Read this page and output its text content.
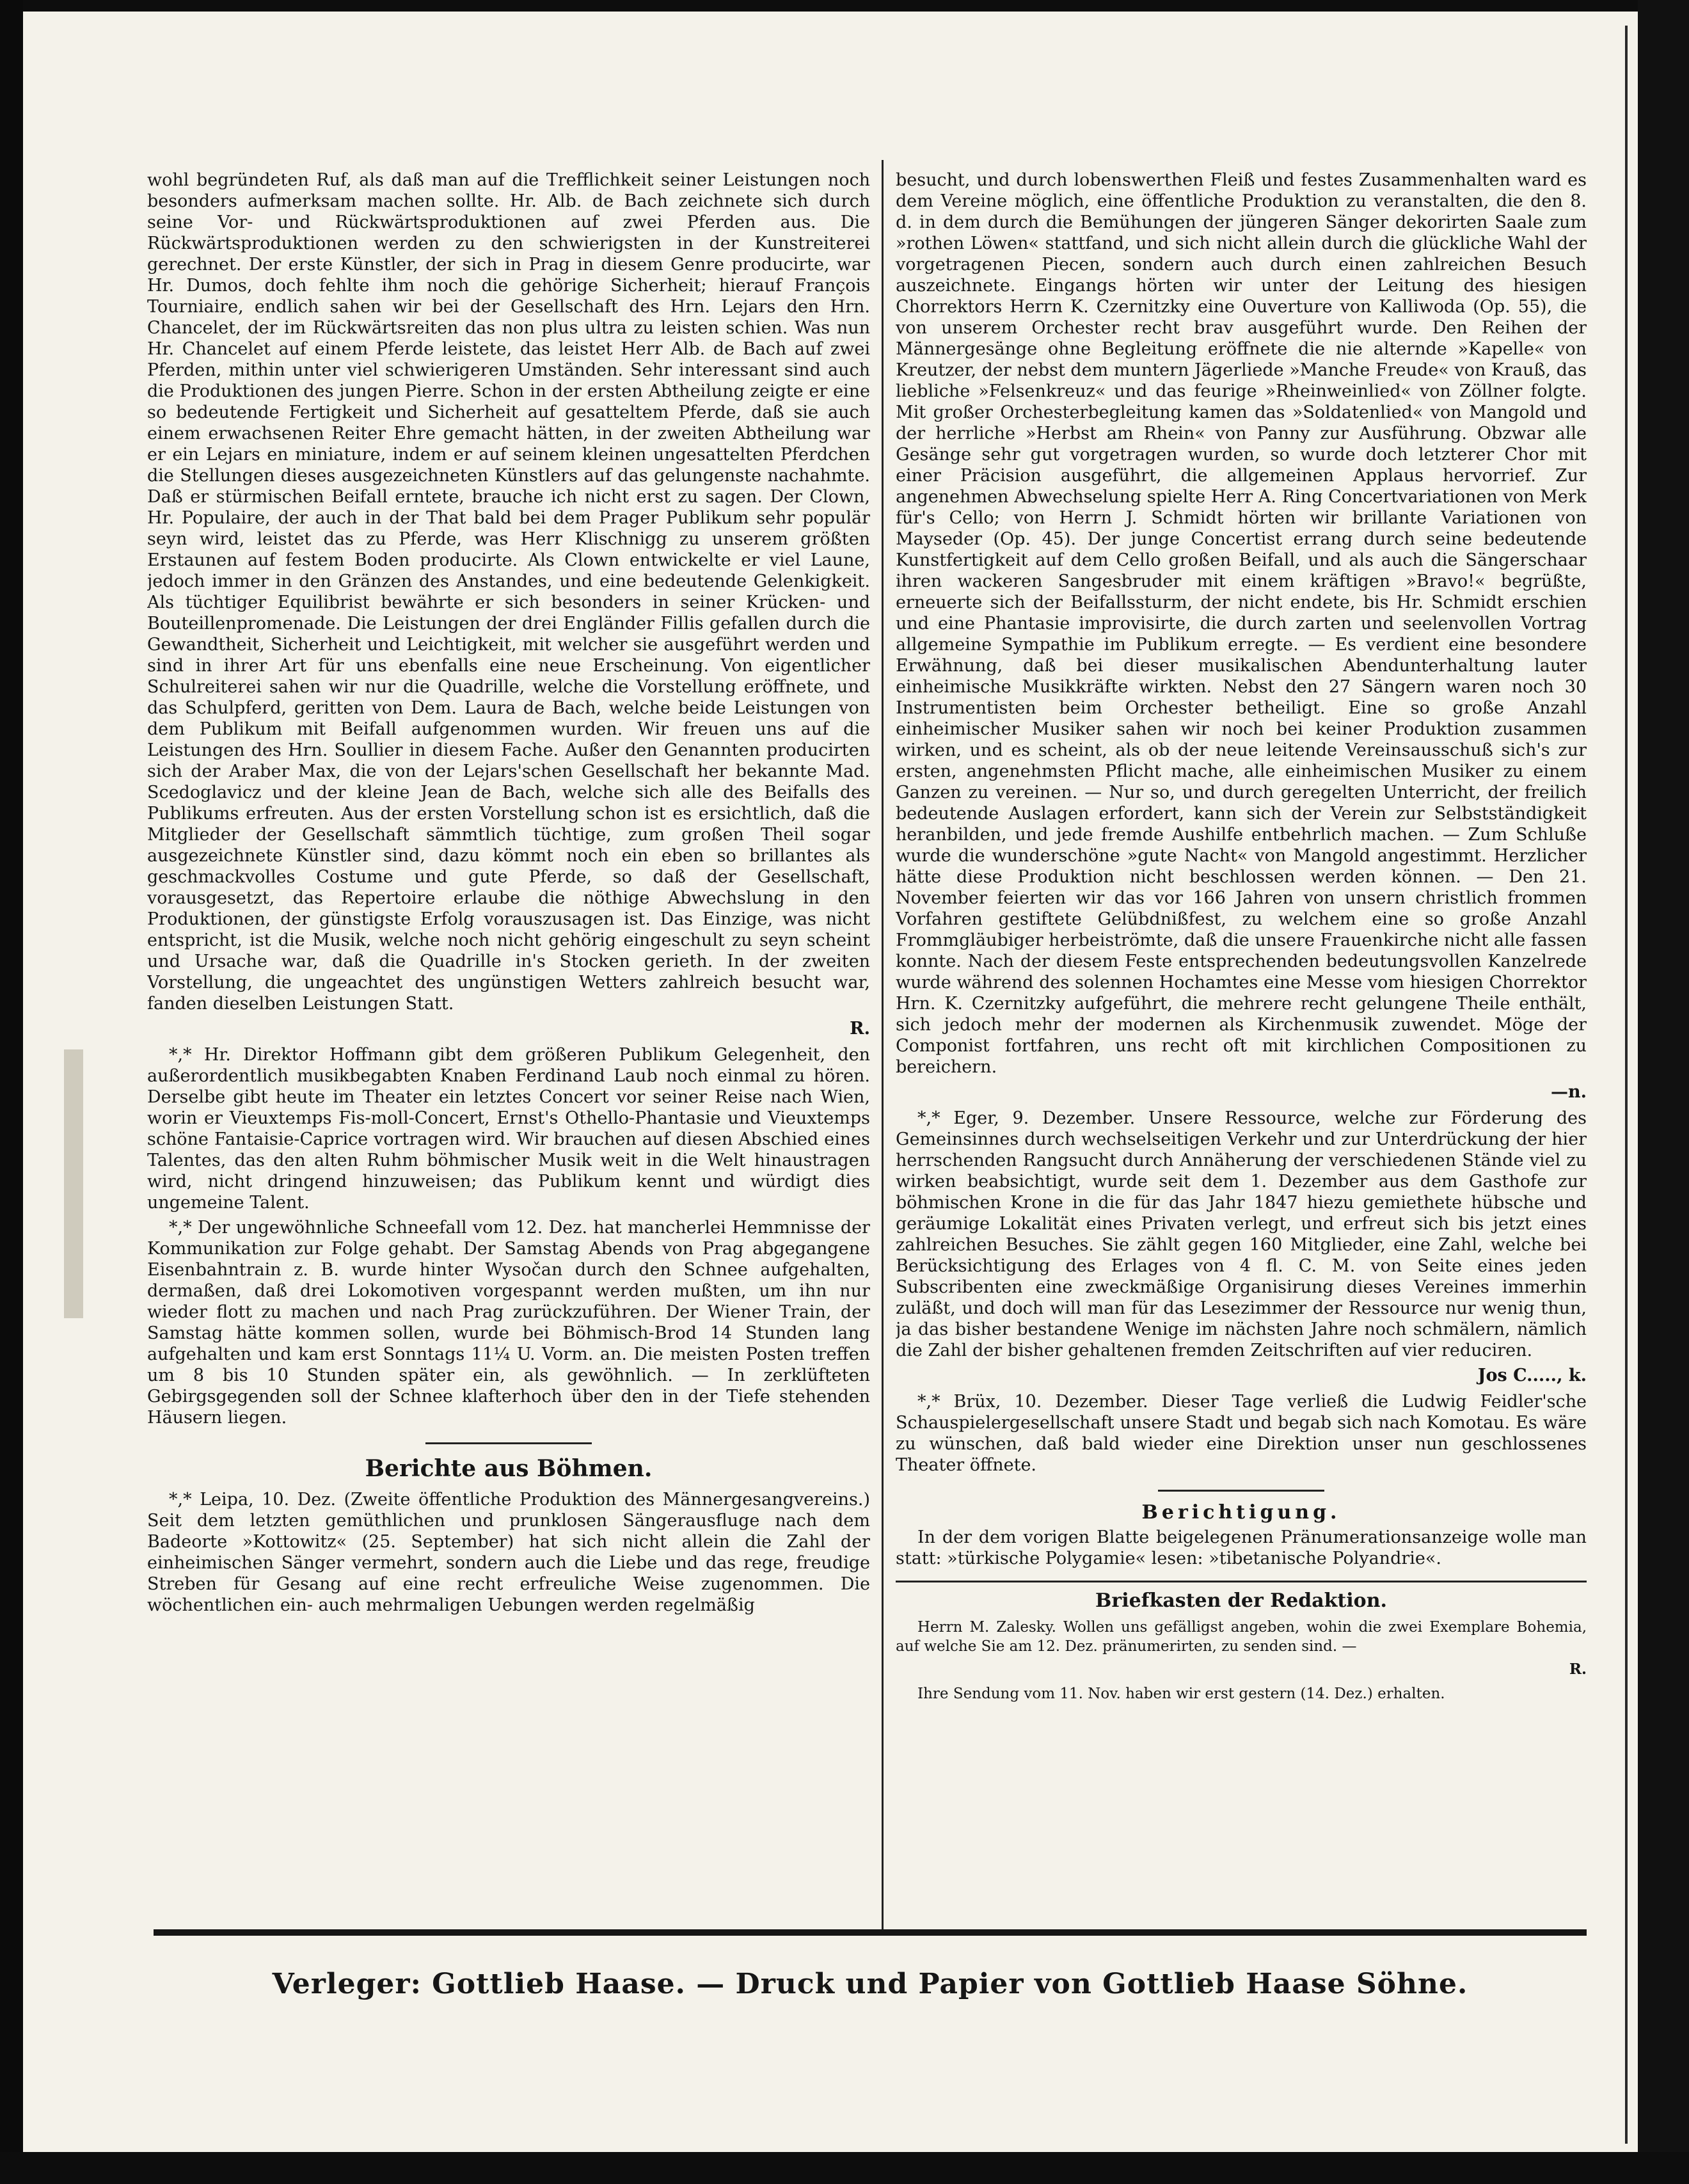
wohl begründeten Ruf, als daß man auf die Trefflichkeit seiner Leistungen noch besonders aufmerksam machen sollte. Hr. Alb. de Bach zeichnete sich durch seine Vor- und Rückwärtsproduktionen auf zwei Pferden aus. Die Rückwärtsproduktionen werden zu den schwierigsten in der Kunstreiterei gerechnet. Der erste Künstler, der sich in Prag in diesem Genre producirte, war Hr. Dumos, doch fehlte ihm noch die gehörige Sicherheit; hierauf François Tourniaire, endlich sahen wir bei der Gesellschaft des Hrn. Lejars den Hrn. Chancelet, der im Rückwärtsreiten das non plus ultra zu leisten schien. Was nun Hr. Chancelet auf einem Pferde leistete, das leistet Herr Alb. de Bach auf zwei Pferden, mithin unter viel schwierigeren Umständen. Sehr interessant sind auch die Produktionen des jungen Pierre. Schon in der ersten Abtheilung zeigte er eine so bedeutende Fertigkeit und Sicherheit auf gesatteltem Pferde, daß sie auch einem erwachsenen Reiter Ehre gemacht hätten, in der zweiten Abtheilung war er ein Lejars en miniature, indem er auf seinem kleinen ungesattelten Pferdchen die Stellungen dieses ausgezeichneten Künstlers auf das gelungenste nachahmte. Daß er stürmischen Beifall erntete, brauche ich nicht erst zu sagen. Der Clown, Hr. Populaire, der auch in der That bald bei dem Prager Publikum sehr populär seyn wird, leistet das zu Pferde, was Herr Klischnigg zu unserem größten Erstaunen auf festem Boden producirte. Als Clown entwickelte er viel Laune, jedoch immer in den Gränzen des Anstandes, und eine bedeutende Gelenkigkeit. Als tüchtiger Equilibrist bewährte er sich besonders in seiner Krücken- und Bouteillenpromenade. Die Leistungen der drei Engländer Fillis gefallen durch die Gewandtheit, Sicherheit und Leichtigkeit, mit welcher sie ausgeführt werden und sind in ihrer Art für uns ebenfalls eine neue Erscheinung. Von eigentlicher Schulreiterei sahen wir nur die Quadrille, welche die Vorstellung eröffnete, und das Schulpferd, geritten von Dem. Laura de Bach, welche beide Leistungen von dem Publikum mit Beifall aufgenommen wurden. Wir freuen uns auf die Leistungen des Hrn. Soullier in diesem Fache. Außer den Genannten producirten sich der Araber Max, die von der Lejars'schen Gesellschaft her bekannte Mad. Scedoglavicz und der kleine Jean de Bach, welche sich alle des Beifalls des Publikums erfreuten. Aus der ersten Vorstellung schon ist es ersichtlich, daß die Mitglieder der Gesellschaft sämmtlich tüchtige, zum großen Theil sogar ausgezeichnete Künstler sind, dazu kömmt noch ein eben so brillantes als geschmackvolles Costume und gute Pferde, so daß der Gesellschaft, vorausgesetzt, das Repertoire erlaube die nöthige Abwechslung in den Produktionen, der günstigste Erfolg vorauszusagen ist. Das Einzige, was nicht entspricht, ist die Musik, welche noch nicht gehörig eingeschult zu seyn scheint und Ursache war, daß die Quadrille in's Stocken gerieth. In der zweiten Vorstellung, die ungeachtet des ungünstigen Wetters zahlreich besucht war, fanden dieselben Leistungen Statt.

R.

*,* Hr. Direktor Hoffmann gibt dem größeren Publikum Gelegenheit, den außerordentlich musikbegabten Knaben Ferdinand Laub noch einmal zu hören. Derselbe gibt heute im Theater ein letztes Concert vor seiner Reise nach Wien, worin er Vieuxtemps Fis-moll-Concert, Ernst's Othello-Phantasie und Vieuxtemps schöne Fantaisie-Caprice vortragen wird. Wir brauchen auf diesen Abschied eines Talentes, das den alten Ruhm böhmischer Musik weit in die Welt hinaustragen wird, nicht dringend hinzuweisen; das Publikum kennt und würdigt dies ungemeine Talent.

*,* Der ungewöhnliche Schneefall vom 12. Dez. hat mancherlei Hemmnisse der Kommunikation zur Folge gehabt. Der Samstag Abends von Prag abgegangene Eisenbahntrain z. B. wurde hinter Wysočan durch den Schnee aufgehalten, dermaßen, daß drei Lokomotiven vorgespannt werden mußten, um ihn nur wieder flott zu machen und nach Prag zurückzuführen. Der Wiener Train, der Samstag hätte kommen sollen, wurde bei Böhmisch-Brod 14 Stunden lang aufgehalten und kam erst Sonntags 11¼ U. Vorm. an. Die meisten Posten treffen um 8 bis 10 Stunden später ein, als gewöhnlich. — In zerklüfteten Gebirgsgegenden soll der Schnee klafterhoch über den in der Tiefe stehenden Häusern liegen.

Berichte aus Böhmen.

*,* Leipa, 10. Dez. (Zweite öffentliche Produktion des Männergesangvereins.) Seit dem letzten gemüthlichen und prunklosen Sängerausfluge nach dem Badeorte »Kottowitz« (25. September) hat sich nicht allein die Zahl der einheimischen Sänger vermehrt, sondern auch die Liebe und das rege, freudige Streben für Gesang auf eine recht erfreuliche Weise zugenommen. Die wöchentlichen ein- auch mehrmaligen Uebungen werden regelmäßig

besucht, und durch lobenswerthen Fleiß und festes Zusammenhalten ward es dem Vereine möglich, eine öffentliche Produktion zu veranstalten, die den 8. d. in dem durch die Bemühungen der jüngeren Sänger dekorirten Saale zum »rothen Löwen« stattfand, und sich nicht allein durch die glückliche Wahl der vorgetragenen Piecen, sondern auch durch einen zahlreichen Besuch auszeichnete. Eingangs hörten wir unter der Leitung des hiesigen Chorrektors Herrn K. Czernitzky eine Ouverture von Kalliwoda (Op. 55), die von unserem Orchester recht brav ausgeführt wurde. Den Reihen der Männergesänge ohne Begleitung eröffnete die nie alternde »Kapelle« von Kreutzer, der nebst dem muntern Jägerliede »Manche Freude« von Krauß, das liebliche »Felsenkreuz« und das feurige »Rheinweinlied« von Zöllner folgte. Mit großer Orchesterbegleitung kamen das »Soldatenlied« von Mangold und der herrliche »Herbst am Rhein« von Panny zur Ausführung. Obzwar alle Gesänge sehr gut vorgetragen wurden, so wurde doch letzterer Chor mit einer Präcision ausgeführt, die allgemeinen Applaus hervorrief. Zur angenehmen Abwechselung spielte Herr A. Ring Concertvariationen von Merk für's Cello; von Herrn J. Schmidt hörten wir brillante Variationen von Mayseder (Op. 45). Der junge Concertist errang durch seine bedeutende Kunstfertigkeit auf dem Cello großen Beifall, und als auch die Sängerschaar ihren wackeren Sangesbruder mit einem kräftigen »Bravo!« begrüßte, erneuerte sich der Beifallssturm, der nicht endete, bis Hr. Schmidt erschien und eine Phantasie improvisirte, die durch zarten und seelenvollen Vortrag allgemeine Sympathie im Publikum erregte. — Es verdient eine besondere Erwähnung, daß bei dieser musikalischen Abendunterhaltung lauter einheimische Musikkräfte wirkten. Nebst den 27 Sängern waren noch 30 Instrumentisten beim Orchester betheiligt. Eine so große Anzahl einheimischer Musiker sahen wir noch bei keiner Produktion zusammen wirken, und es scheint, als ob der neue leitende Vereinsausschuß sich's zur ersten, angenehmsten Pflicht mache, alle einheimischen Musiker zu einem Ganzen zu vereinen. — Nur so, und durch geregelten Unterricht, der freilich bedeutende Auslagen erfordert, kann sich der Verein zur Selbstständigkeit heranbilden, und jede fremde Aushilfe entbehrlich machen. — Zum Schluße wurde die wunderschöne »gute Nacht« von Mangold angestimmt. Herzlicher hätte diese Produktion nicht beschlossen werden können. — Den 21. November feierten wir das vor 166 Jahren von unsern christlich frommen Vorfahren gestiftete Gelübdnißfest, zu welchem eine so große Anzahl Frommgläubiger herbeiströmte, daß die unsere Frauenkirche nicht alle fassen konnte. Nach der diesem Feste entsprechenden bedeutungsvollen Kanzelrede wurde während des solennen Hochamtes eine Messe vom hiesigen Chorrektor Hrn. K. Czernitzky aufgeführt, die mehrere recht gelungene Theile enthält, sich jedoch mehr der modernen als Kirchenmusik zuwendet. Möge der Componist fortfahren, uns recht oft mit kirchlichen Compositionen zu bereichern.

—n.

*,* Eger, 9. Dezember. Unsere Ressource, welche zur Förderung des Gemeinsinnes durch wechselseitigen Verkehr und zur Unterdrückung der hier herrschenden Rangsucht durch Annäherung der verschiedenen Stände viel zu wirken beabsichtigt, wurde seit dem 1. Dezember aus dem Gasthofe zur böhmischen Krone in die für das Jahr 1847 hiezu gemiethete hübsche und geräumige Lokalität eines Privaten verlegt, und erfreut sich bis jetzt eines zahlreichen Besuches. Sie zählt gegen 160 Mitglieder, eine Zahl, welche bei Berücksichtigung des Erlages von 4 fl. C. M. von Seite eines jeden Subscribenten eine zweckmäßige Organisirung dieses Vereines immerhin zuläßt, und doch will man für das Lesezimmer der Ressource nur wenig thun, ja das bisher bestandene Wenige im nächsten Jahre noch schmälern, nämlich die Zahl der bisher gehaltenen fremden Zeitschriften auf vier reduciren.

Jos C....., k.

*,* Brüx, 10. Dezember. Dieser Tage verließ die Ludwig Feidler'sche Schauspielergesellschaft unsere Stadt und begab sich nach Komotau. Es wäre zu wünschen, daß bald wieder eine Direktion unser nun geschlossenes Theater öffnete.

Berichtigung.

In der dem vorigen Blatte beigelegenen Pränumerationsanzeige wolle man statt: »türkische Polygamie« lesen: »tibetanische Polyandrie«.

Briefkasten der Redaktion.

Herrn M. Zalesky. Wollen uns gefälligst angeben, wohin die zwei Exemplare Bohemia, auf welche Sie am 12. Dez. pränumerirten, zu senden sind. —

R.

Ihre Sendung vom 11. Nov. haben wir erst gestern (14. Dez.) erhalten.

Verleger: Gottlieb Haase. — Druck und Papier von Gottlieb Haase Söhne.
